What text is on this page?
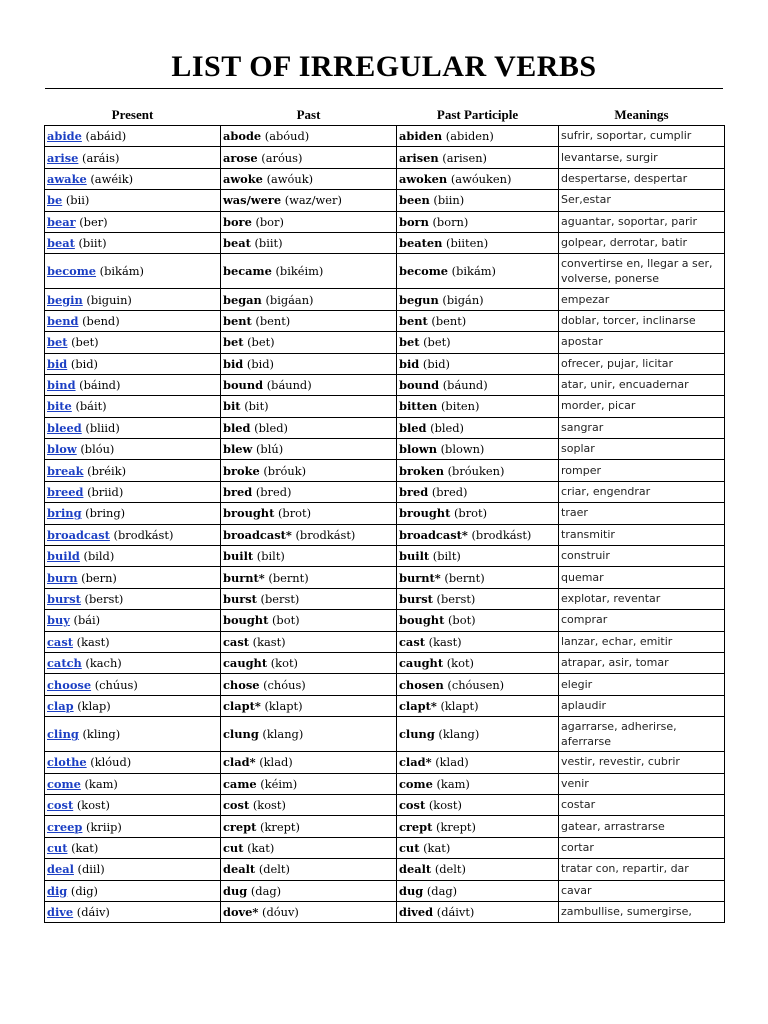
LIST OF IRREGULAR VERBS
Present	Past	Past Participle	Meanings
abide (abáid)	abode (abóud)	abiden (abiden)	sufrir, soportar, cumplir
arise (aráis)	arose (aróus)	arisen (arisen)	levantarse, surgir
awake (awéik)	awoke (awóuk)	awoken (awóuken)	despertarse, despertar
be (bii)	was/were (waz/wer)	been (biin)	Ser,estar
bear (ber)	bore (bor)	born (born)	aguantar, soportar, parir
beat (biit)	beat (biit)	beaten (biiten)	golpear, derrotar, batir
become (bikám)	became (bikéim)	become (bikám)	convertirse en, llegar a ser, volverse, ponerse
begin (biguin)	began (bigáan)	begun (bigán)	empezar
bend (bend)	bent (bent)	bent (bent)	doblar, torcer, inclinarse
bet (bet)	bet (bet)	bet (bet)	apostar
bid (bid)	bid (bid)	bid (bid)	ofrecer, pujar, licitar
bind (báind)	bound (báund)	bound (báund)	atar, unir, encuadernar
bite (báit)	bit (bit)	bitten (biten)	morder, picar
bleed (bliid)	bled (bled)	bled (bled)	sangrar
blow (blóu)	blew (blú)	blown (blown)	soplar
break (bréik)	broke (bróuk)	broken (bróuken)	romper
breed (briid)	bred (bred)	bred (bred)	criar, engendrar
bring (bring)	brought (brot)	brought (brot)	traer
broadcast (brodkást)	broadcast* (brodkást)	broadcast* (brodkást)	transmitir
build (bild)	built (bilt)	built (bilt)	construir
burn (bern)	burnt* (bernt)	burnt* (bernt)	quemar
burst (berst)	burst (berst)	burst (berst)	explotar, reventar
buy (bái)	bought (bot)	bought (bot)	comprar
cast (kast)	cast (kast)	cast (kast)	lanzar, echar, emitir
catch (kach)	caught (kot)	caught (kot)	atrapar, asir, tomar
choose (chúus)	chose (chóus)	chosen (chóusen)	elegir
clap (klap)	clapt* (klapt)	clapt* (klapt)	aplaudir
cling (kling)	clung (klang)	clung (klang)	agarrarse, adherirse, aferrarse
clothe (klóud)	clad* (klad)	clad* (klad)	vestir, revestir, cubrir
come (kam)	came (kéim)	come (kam)	venir
cost (kost)	cost (kost)	cost (kost)	costar
creep (kriip)	crept (krept)	crept (krept)	gatear, arrastrarse
cut (kat)	cut (kat)	cut (kat)	cortar
deal (diil)	dealt (delt)	dealt (delt)	tratar con, repartir, dar
dig (dig)	dug (dag)	dug (dag)	cavar
dive (dáiv)	dove* (dóuv)	dived (dáivt)	zambullise, sumergirse,
